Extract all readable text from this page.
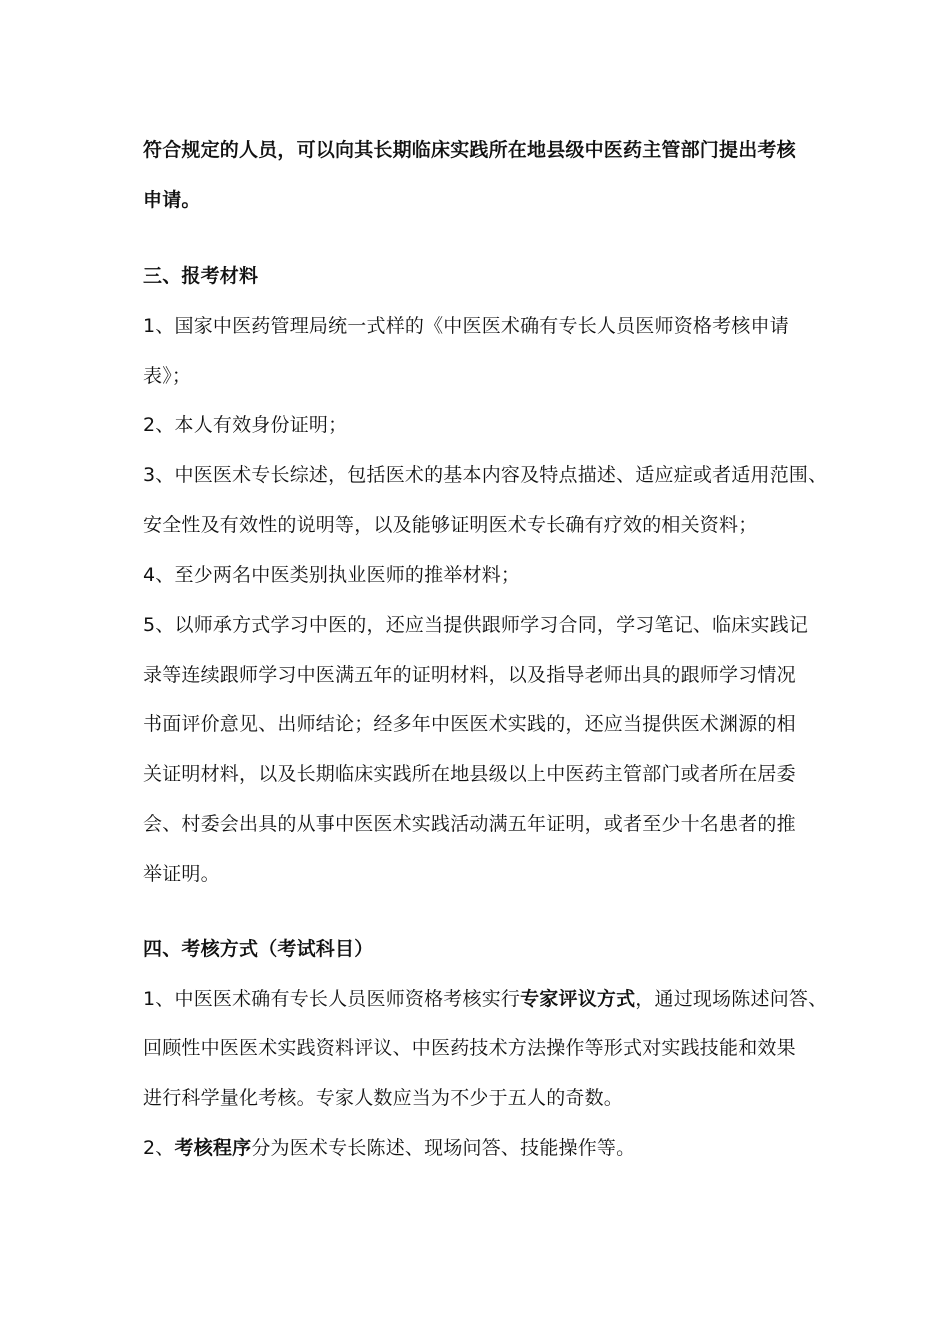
符合规定的人员，可以向其长期临床实践所在地县级中医药主管部门提出考核
申请。
三、报考材料
1、国家中医药管理局统一式样的《中医医术确有专长人员医师资格考核申请
表》；
2、本人有效身份证明；
3、中医医术专长综述，包括医术的基本内容及特点描述、适应症或者适用范围、
安全性及有效性的说明等，以及能够证明医术专长确有疗效的相关资料；
4、至少两名中医类别执业医师的推举材料；
5、以师承方式学习中医的，还应当提供跟师学习合同，学习笔记、临床实践记
录等连续跟师学习中医满五年的证明材料，以及指导老师出具的跟师学习情况
书面评价意见、出师结论；经多年中医医术实践的，还应当提供医术渊源的相
关证明材料，以及长期临床实践所在地县级以上中医药主管部门或者所在居委
会、村委会出具的从事中医医术实践活动满五年证明，或者至少十名患者的推
举证明。
四、考核方式（考试科目）
1、中医医术确有专长人员医师资格考核实行专家评议方式，通过现场陈述问答、
回顾性中医医术实践资料评议、中医药技术方法操作等形式对实践技能和效果
进行科学量化考核。专家人数应当为不少于五人的奇数。
2、考核程序分为医术专长陈述、现场问答、技能操作等。
